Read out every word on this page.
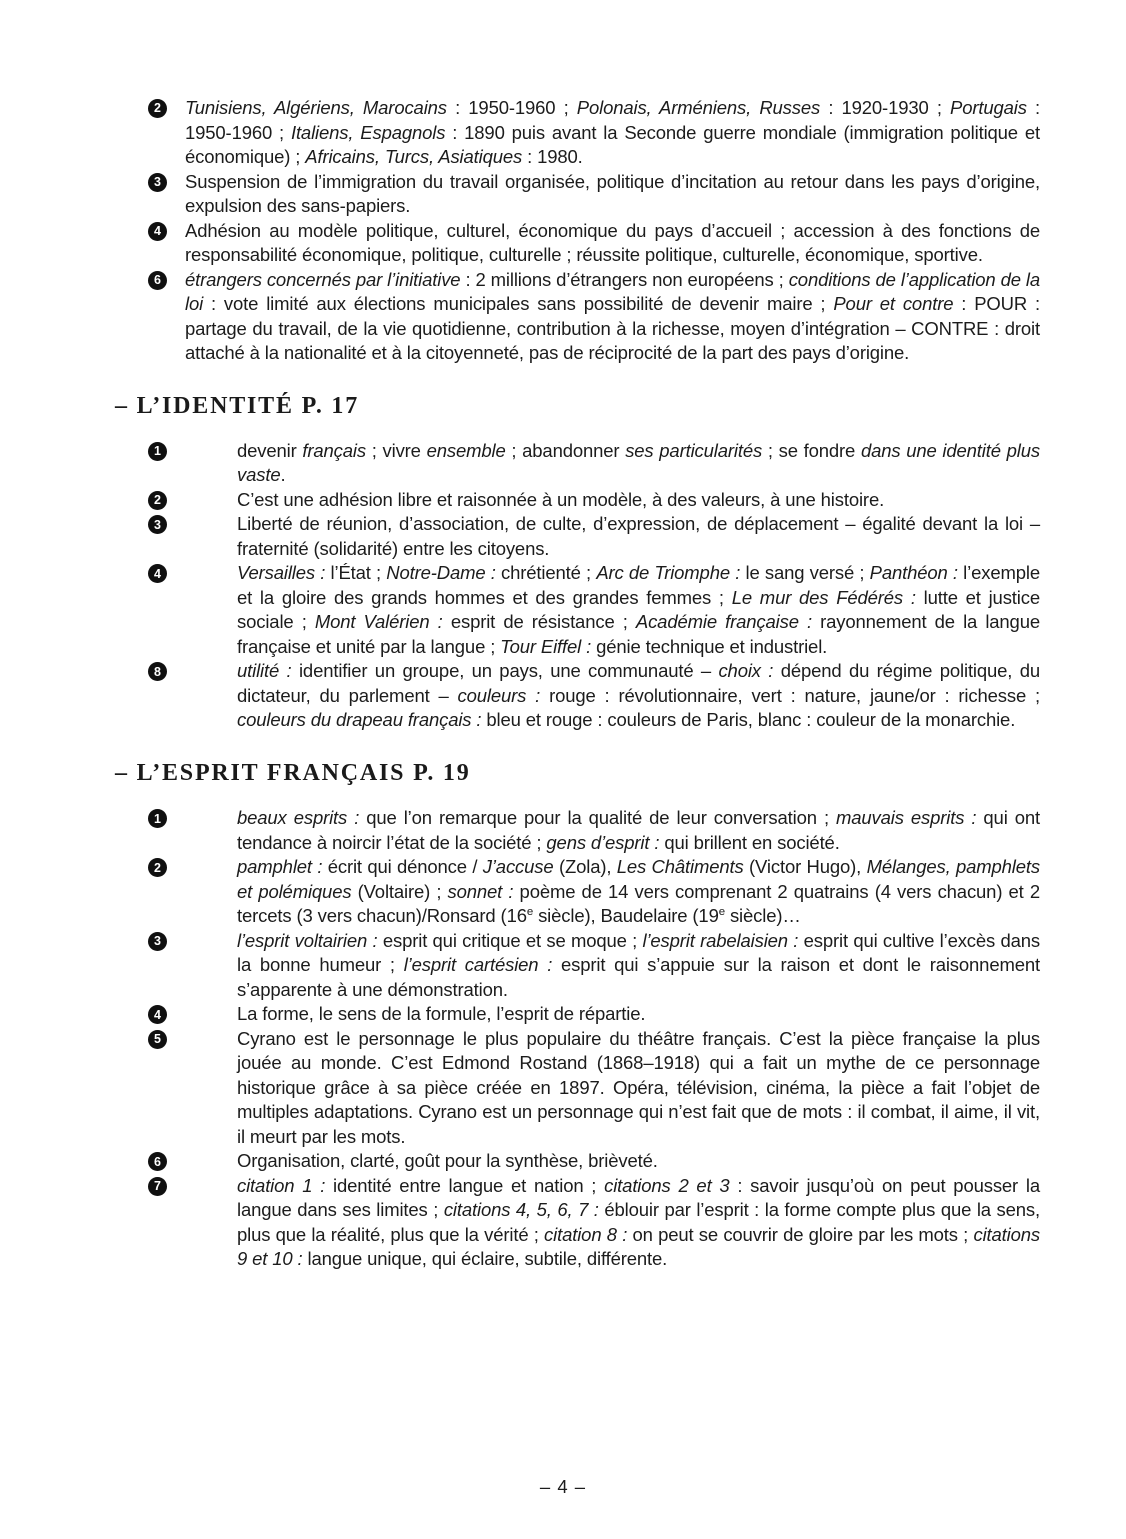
2	Tunisiens, Algériens, Marocains : 1950-1960 ; Polonais, Arméniens, Russes : 1920-1930 ; Portugais : 1950-1960 ; Italiens, Espagnols : 1890 puis avant la Seconde guerre mondiale (immigration politique et économique) ; Africains, Turcs, Asiatiques : 1980.
3	Suspension de l’immigration du travail organisée, politique d’incitation au retour dans les pays d’origine, expulsion des sans-papiers.
4	Adhésion au modèle politique, culturel, économique du pays d’accueil ; accession à des fonctions de responsabilité économique, politique, culturelle ; réussite politique, culturelle, économique, sportive.
6	étrangers concernés par l’initiative : 2 millions d’étrangers non européens ; conditions de l’application de la loi : vote limité aux élections municipales sans possibilité de devenir maire ; Pour et contre : POUR : partage du travail, de la vie quotidienne, contribution à la richesse, moyen d’intégration – CONTRE : droit attaché à la nationalité et à la citoyenneté, pas de réciprocité de la part des pays d’origine.
– L’IDENTITÉ P. 17
1	devenir français ; vivre ensemble ; abandonner ses particularités ; se fondre dans une identité plus vaste.
2	C’est une adhésion libre et raisonnée à un modèle, à des valeurs, à une histoire.
3	Liberté de réunion, d’association, de culte, d’expression, de déplacement – égalité devant la loi – fraternité (solidarité) entre les citoyens.
4	Versailles : l’État ; Notre-Dame : chrétienté ; Arc de Triomphe : le sang versé ; Panthéon : l’exemple et la gloire des grands hommes et des grandes femmes ; Le mur des Fédérés : lutte et justice sociale ; Mont Valérien : esprit de résistance ; Académie française : rayonnement de la langue française et unité par la langue ; Tour Eiffel : génie technique et industriel.
8	utilité : identifier un groupe, un pays, une communauté – choix : dépend du régime politique, du dictateur, du parlement – couleurs : rouge : révolutionnaire, vert : nature, jaune/or : richesse ; couleurs du drapeau français : bleu et rouge : couleurs de Paris, blanc : couleur de la monarchie.
– L’ESPRIT FRANÇAIS P. 19
1	beaux esprits : que l’on remarque pour la qualité de leur conversation ; mauvais esprits : qui ont tendance à noircir l’état de la société ; gens d’esprit : qui brillent en société.
2	pamphlet : écrit qui dénonce / J’accuse (Zola), Les Châtiments (Victor Hugo), Mélanges, pamphlets et polémiques (Voltaire) ; sonnet : poème de 14 vers comprenant 2 quatrains (4 vers chacun) et 2 tercets (3 vers chacun)/Ronsard (16e siècle), Baudelaire (19e siècle)…
3	l’esprit voltairien : esprit qui critique et se moque ; l’esprit rabelaisien : esprit qui cultive l’excès dans la bonne humeur ; l’esprit cartésien : esprit qui s’appuie sur la raison et dont le raisonnement s’apparente à une démonstration.
4	La forme, le sens de la formule, l’esprit de répartie.
5	Cyrano est le personnage le plus populaire du théâtre français. C’est la pièce française la plus jouée au monde. C’est Edmond Rostand (1868–1918) qui a fait un mythe de ce personnage historique grâce à sa pièce créée en 1897. Opéra, télévision, cinéma, la pièce a fait l’objet de multiples adaptations. Cyrano est un personnage qui n’est fait que de mots : il combat, il aime, il vit, il meurt par les mots.
6	Organisation, clarté, goût pour la synthèse, brièveté.
7	citation 1 : identité entre langue et nation ; citations 2 et 3 : savoir jusqu’où on peut pousser la langue dans ses limites ; citations 4, 5, 6, 7 : éblouir par l’esprit : la forme compte plus que la sens, plus que la réalité, plus que la vérité ; citation 8 : on peut se couvrir de gloire par les mots ; citations 9 et 10 : langue unique, qui éclaire, subtile, différente.
– 4 –
